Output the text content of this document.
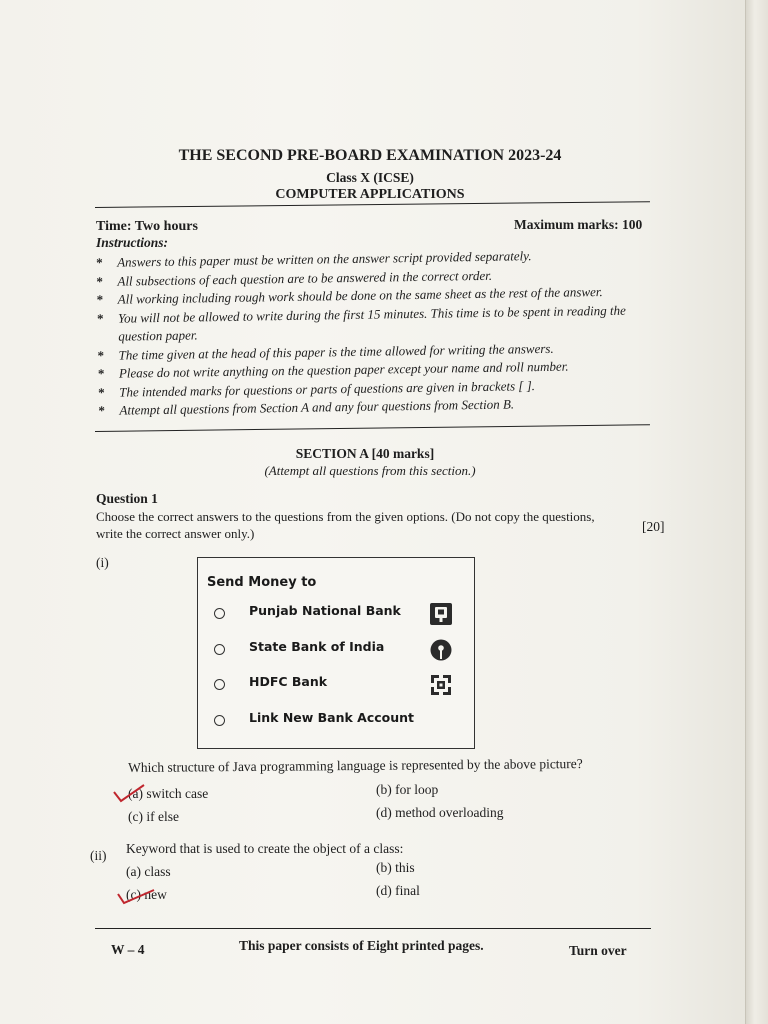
THE SECOND PRE-BOARD EXAMINATION 2023-24
Class X (ICSE)
COMPUTER APPLICATIONS
Time: Two hours	Maximum marks: 100
Instructions:
* Answers to this paper must be written on the answer script provided separately.
* All subsections of each question are to be answered in the correct order.
* All working including rough work should be done on the same sheet as the rest of the answer.
* You will not be allowed to write during the first 15 minutes. This time is to be spent in reading the question paper.
* The time given at the head of this paper is the time allowed for writing the answers.
* Please do not write anything on the question paper except your name and roll number.
* The intended marks for questions or parts of questions are given in brackets [ ].
* Attempt all questions from Section A and any four questions from Section B.
SECTION A [40 marks]
(Attempt all questions from this section.)
Question 1
Choose the correct answers to the questions from the given options. (Do not copy the questions, write the correct answer only.)	[20]
(i)
Send Money to
Punjab National Bank
State Bank of India
HDFC Bank
Link New Bank Account
Which structure of Java programming language is represented by the above picture?
(a) switch case	(b) for loop
(c) if else	(d) method overloading
(ii) Keyword that is used to create the object of a class:
(a) class	(b) this
(c) new	(d) final
W – 4	This paper consists of Eight printed pages.	Turn over
